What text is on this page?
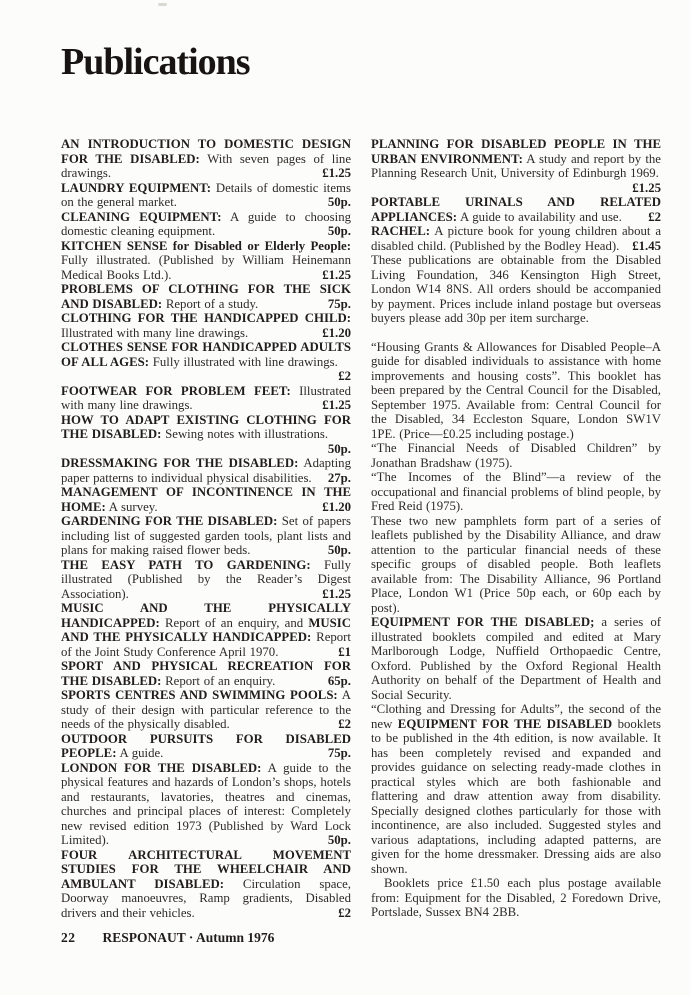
Publications

AN INTRODUCTION TO DOMESTIC DESIGN FOR THE DISABLED: With seven pages of line drawings.	£1.25

LAUNDRY EQUIPMENT: Details of domestic items on the general market.	50p.

CLEANING EQUIPMENT: A guide to choosing domestic cleaning equipment.	50p.

KITCHEN SENSE for Disabled or Elderly People: Fully illustrated. (Published by William Heinemann Medical Books Ltd.).	£1.25

PROBLEMS OF CLOTHING FOR THE SICK AND DISABLED: Report of a study.	75p.

CLOTHING FOR THE HANDICAPPED CHILD: Illustrated with many line drawings.	£1.20

CLOTHES SENSE FOR HANDICAPPED ADULTS OF ALL AGES: Fully illustrated with line drawings.
£2

FOOTWEAR FOR PROBLEM FEET: Illustrated with many line drawings.	£1.25

HOW TO ADAPT EXISTING CLOTHING FOR THE DISABLED: Sewing notes with illustrations.
50p.

DRESSMAKING FOR THE DISABLED: Adapting paper patterns to individual physical disabilities.	27p.

MANAGEMENT OF INCONTINENCE IN THE HOME: A survey.	£1.20

GARDENING FOR THE DISABLED: Set of papers including list of suggested garden tools, plant lists and plans for making raised flower beds.	50p.

THE EASY PATH TO GARDENING: Fully illustrated (Published by the Reader’s Digest Association).	£1.25

MUSIC AND THE PHYSICALLY HANDICAPPED: Report of an enquiry, and MUSIC AND THE PHYSICALLY HANDICAPPED: Report of the Joint Study Conference April 1970.	£1

SPORT AND PHYSICAL RECREATION FOR THE DISABLED: Report of an enquiry.	65p.

SPORTS CENTRES AND SWIMMING POOLS: A study of their design with particular reference to the needs of the physically disabled.	£2

OUTDOOR PURSUITS FOR DISABLED PEOPLE: A guide.	75p.

LONDON FOR THE DISABLED: A guide to the physical features and hazards of London’s shops, hotels and restaurants, lavatories, theatres and cinemas, churches and principal places of interest: Completely new revised edition 1973 (Published by Ward Lock Limited).	50p.

FOUR ARCHITECTURAL MOVEMENT STUDIES FOR THE WHEELCHAIR AND AMBULANT DISABLED: Circulation space, Doorway manoeuvres, Ramp gradients, Disabled drivers and their vehicles.	£2

PLANNING FOR DISABLED PEOPLE IN THE URBAN ENVIRONMENT: A study and report by the Planning Research Unit, University of Edinburgh 1969.
£1.25

PORTABLE URINALS AND RELATED APPLIANCES: A guide to availability and use.	£2

RACHEL: A picture book for young children about a disabled child. (Published by the Bodley Head).	£1.45

These publications are obtainable from the Disabled Living Foundation, 346 Kensington High Street, London W14 8NS. All orders should be accompanied by payment. Prices include inland postage but overseas buyers please add 30p per item surcharge.

“Housing Grants & Allowances for Disabled People–A guide for disabled individuals to assistance with home improvements and housing costs”. This booklet has been prepared by the Central Council for the Disabled, September 1975. Available from: Central Council for the Disabled, 34 Eccleston Square, London SW1V 1PE. (Price—£0.25 including postage.)

“The Financial Needs of Disabled Children” by Jonathan Bradshaw (1975).

“The Incomes of the Blind”—a review of the occupational and financial problems of blind people, by Fred Reid (1975).

These two new pamphlets form part of a series of leaflets published by the Disability Alliance, and draw attention to the particular financial needs of these specific groups of disabled people. Both leaflets available from: The Disability Alliance, 96 Portland Place, London W1 (Price 50p each, or 60p each by post).

EQUIPMENT FOR THE DISABLED; a series of illustrated booklets compiled and edited at Mary Marlborough Lodge, Nuffield Orthopaedic Centre, Oxford. Published by the Oxford Regional Health Authority on behalf of the Department of Health and Social Security.

“Clothing and Dressing for Adults”, the second of the new EQUIPMENT FOR THE DISABLED booklets to be published in the 4th edition, is now available. It has been completely revised and expanded and provides guidance on selecting ready-made clothes in practical styles which are both fashionable and flattering and draw attention away from disability. Specially designed clothes particularly for those with incontinence, are also included. Suggested styles and various adaptations, including adapted patterns, are given for the home dressmaker. Dressing aids are also shown.

Booklets price £1.50 each plus postage available from: Equipment for the Disabled, 2 Foredown Drive, Portslade, Sussex BN4 2BB.

22 RESPONAUT · Autumn 1976
